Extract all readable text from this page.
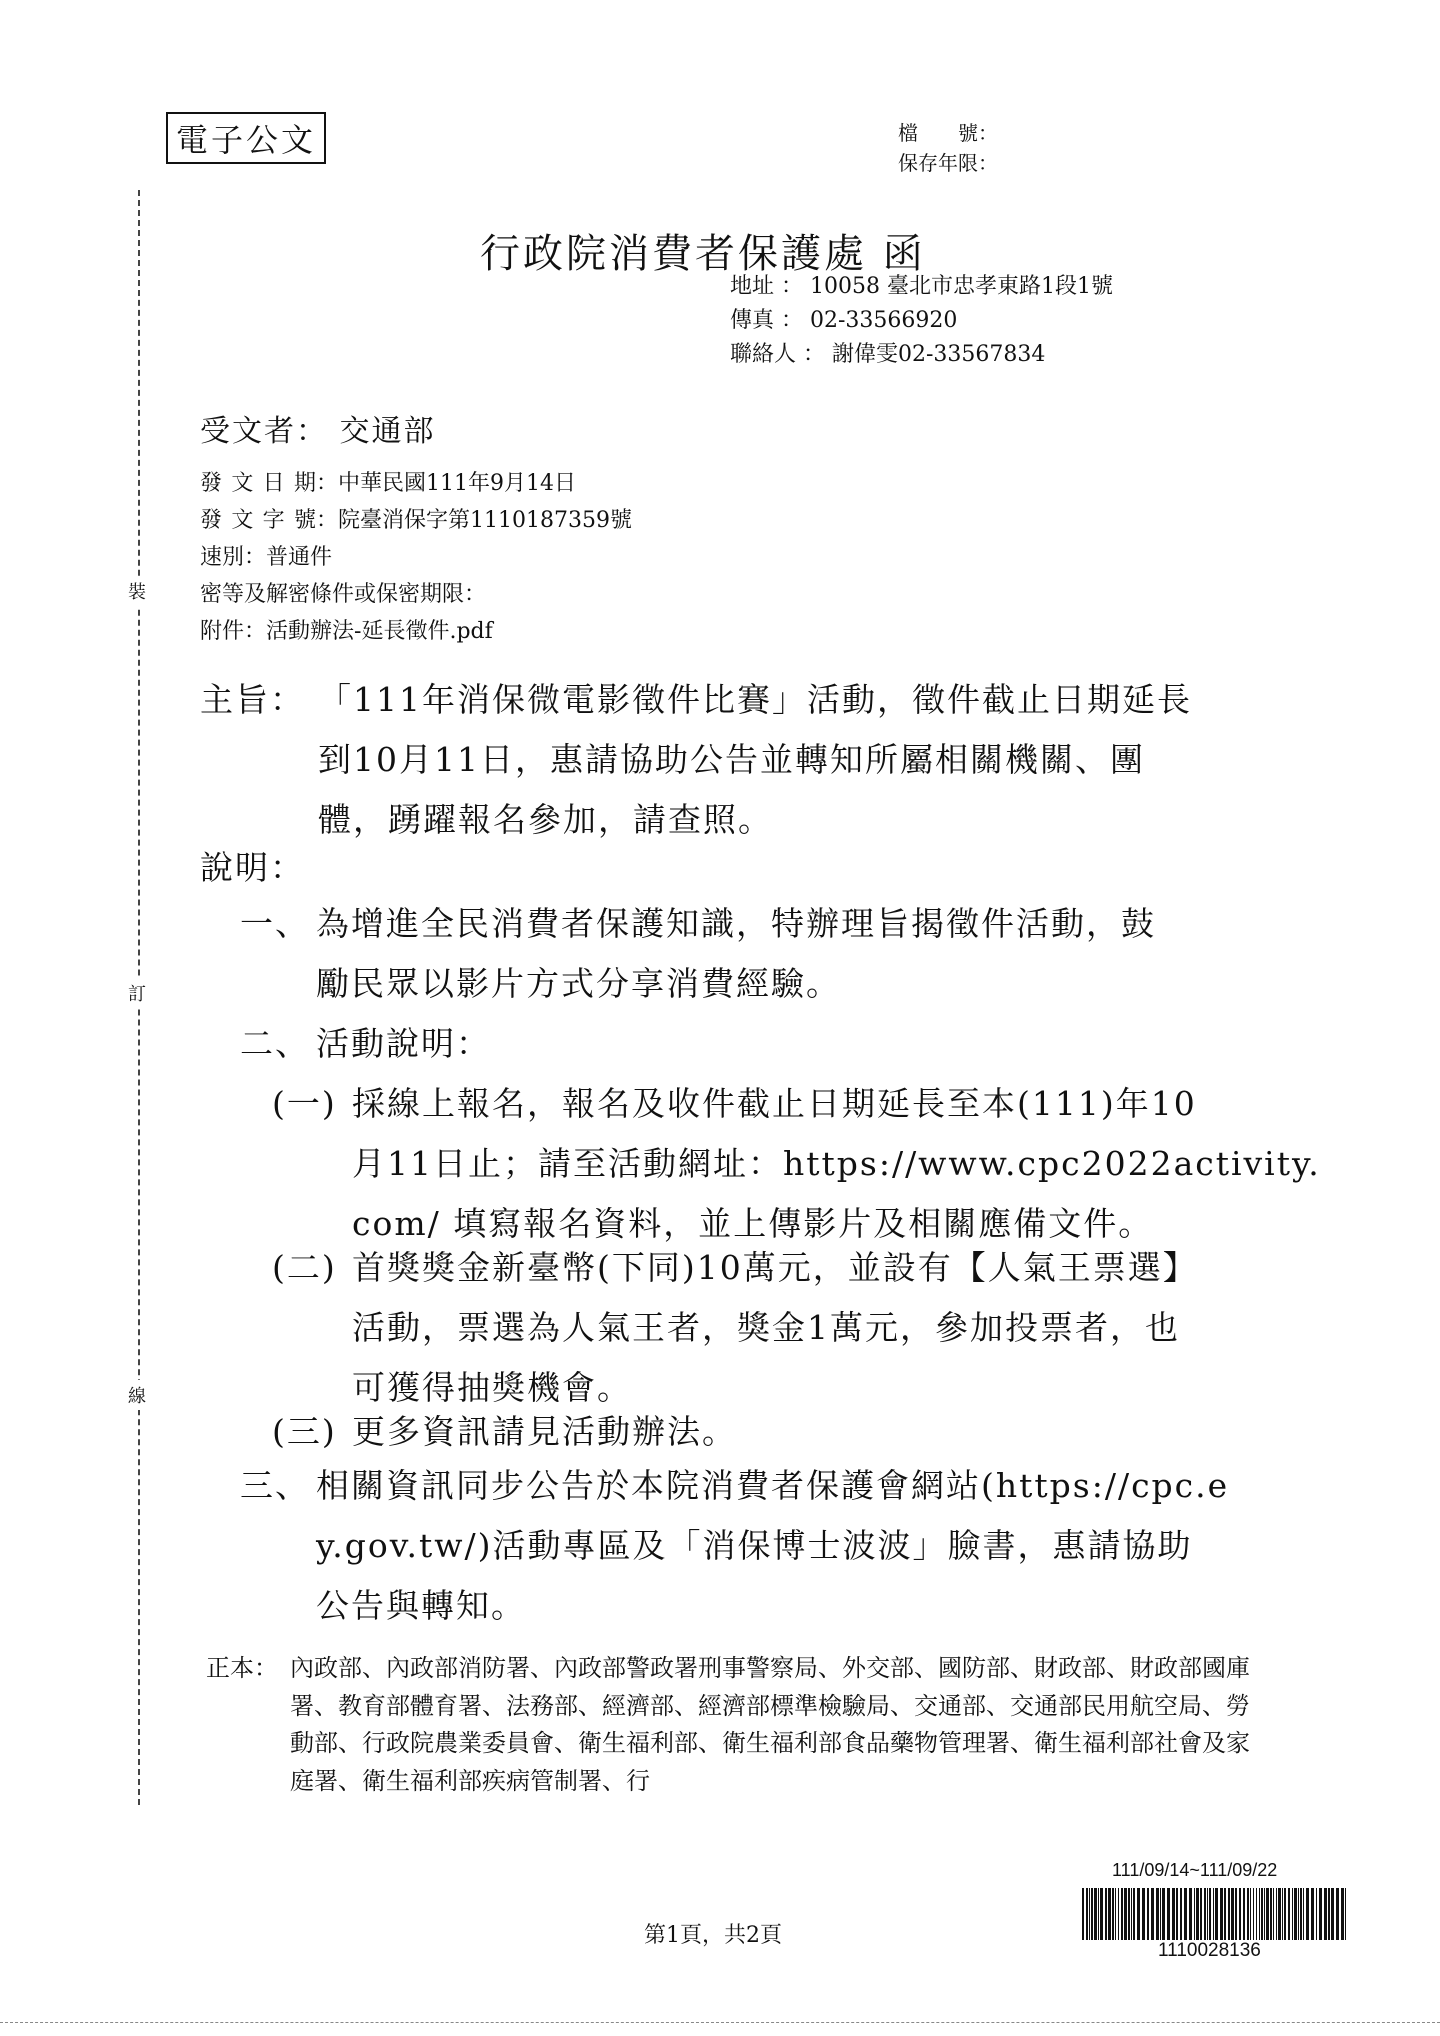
電子公文	檔　　號：
保存年限：
裝
訂
線
行政院消費者保護處 函
地址 ： 10058 臺北市忠孝東路1段1號
傳真 ： 02-33566920
聯絡人 ： 謝偉雯02-33567834
受文者： 交通部
發文日期 ：中華民國111年9月14日
發文字號 ：院臺消保字第1110187359號
速別 ：普通件
密等及解密條件或保密期限 ：
附件 ：活動辦法-延長徵件.pdf
主旨： 「111年消保微電影徵件比賽」活動，徵件截止日期延長
到10月11日，惠請協助公告並轉知所屬相關機關、團
體，踴躍報名參加，請查照。
說明：
一、 為增進全民消費者保護知識，特辦理旨揭徵件活動，鼓
勵民眾以影片方式分享消費經驗。
二、 活動說明：
(一) 採線上報名，報名及收件截止日期延長至本(111)年10
月11日止；請至活動網址：https://www.cpc2022activity.
com/ 填寫報名資料，並上傳影片及相關應備文件。
(二) 首獎獎金新臺幣(下同)10萬元，並設有【人氣王票選】
活動，票選為人氣王者，獎金1萬元，參加投票者，也
可獲得抽獎機會。
(三) 更多資訊請見活動辦法。
三、 相關資訊同步公告於本院消費者保護會網站(https://cpc.e
y.gov.tw/)活動專區及「消保博士波波」臉書，惠請協助
公告與轉知。
正本： 內政部、內政部消防署、內政部警政署刑事警察局、外交部、國防部、財政部、財政部國庫署、教育部體育署、法務部、經濟部、經濟部標準檢驗局、交通部、交通部民用航空局、勞動部、行政院農業委員會、衛生福利部、衛生福利部食品藥物管理署、衛生福利部社會及家庭署、衛生福利部疾病管制署、行
第1頁，共2頁
111/09/14~111/09/22
1110028136
